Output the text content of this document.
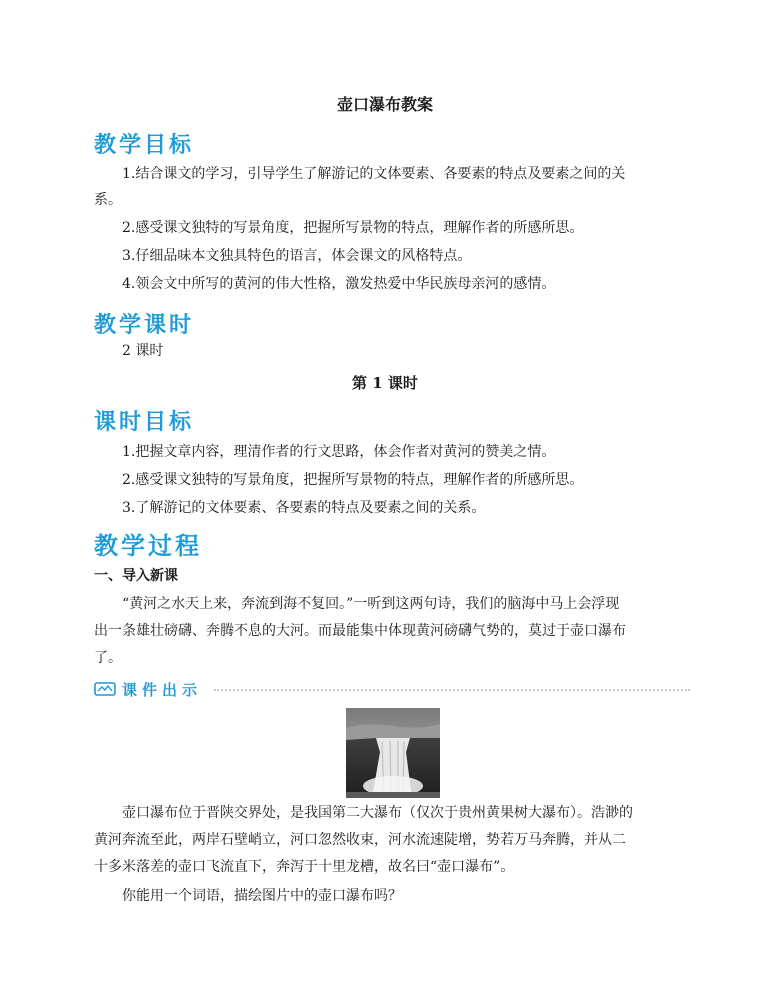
壶口瀑布教案
教学目标
1.结合课文的学习，引导学生了解游记的文体要素、各要素的特点及要素之间的关
系。
2.感受课文独特的写景角度，把握所写景物的特点，理解作者的所感所思。
3.仔细品味本文独具特色的语言，体会课文的风格特点。
4.领会文中所写的黄河的伟大性格，激发热爱中华民族母亲河的感情。
教学课时
2 课时
第 1 课时
课时目标
1.把握文章内容，理清作者的行文思路，体会作者对黄河的赞美之情。
2.感受课文独特的写景角度，把握所写景物的特点，理解作者的所感所思。
3.了解游记的文体要素、各要素的特点及要素之间的关系。
教学过程
一、导入新课
“黄河之水天上来，奔流到海不复回。”一听到这两句诗，我们的脑海中马上会浮现
出一条雄壮磅礴、奔腾不息的大河。而最能集中体现黄河磅礴气势的，莫过于壶口瀑布
了。
课件出示
壶口瀑布位于晋陕交界处，是我国第二大瀑布（仅次于贵州黄果树大瀑布）。浩渺的
黄河奔流至此，两岸石壁峭立，河口忽然收束，河水流速陡增，势若万马奔腾，并从二
十多米落差的壶口飞流直下，奔泻于十里龙槽，故名曰“壶口瀑布”。
你能用一个词语，描绘图片中的壶口瀑布吗？
